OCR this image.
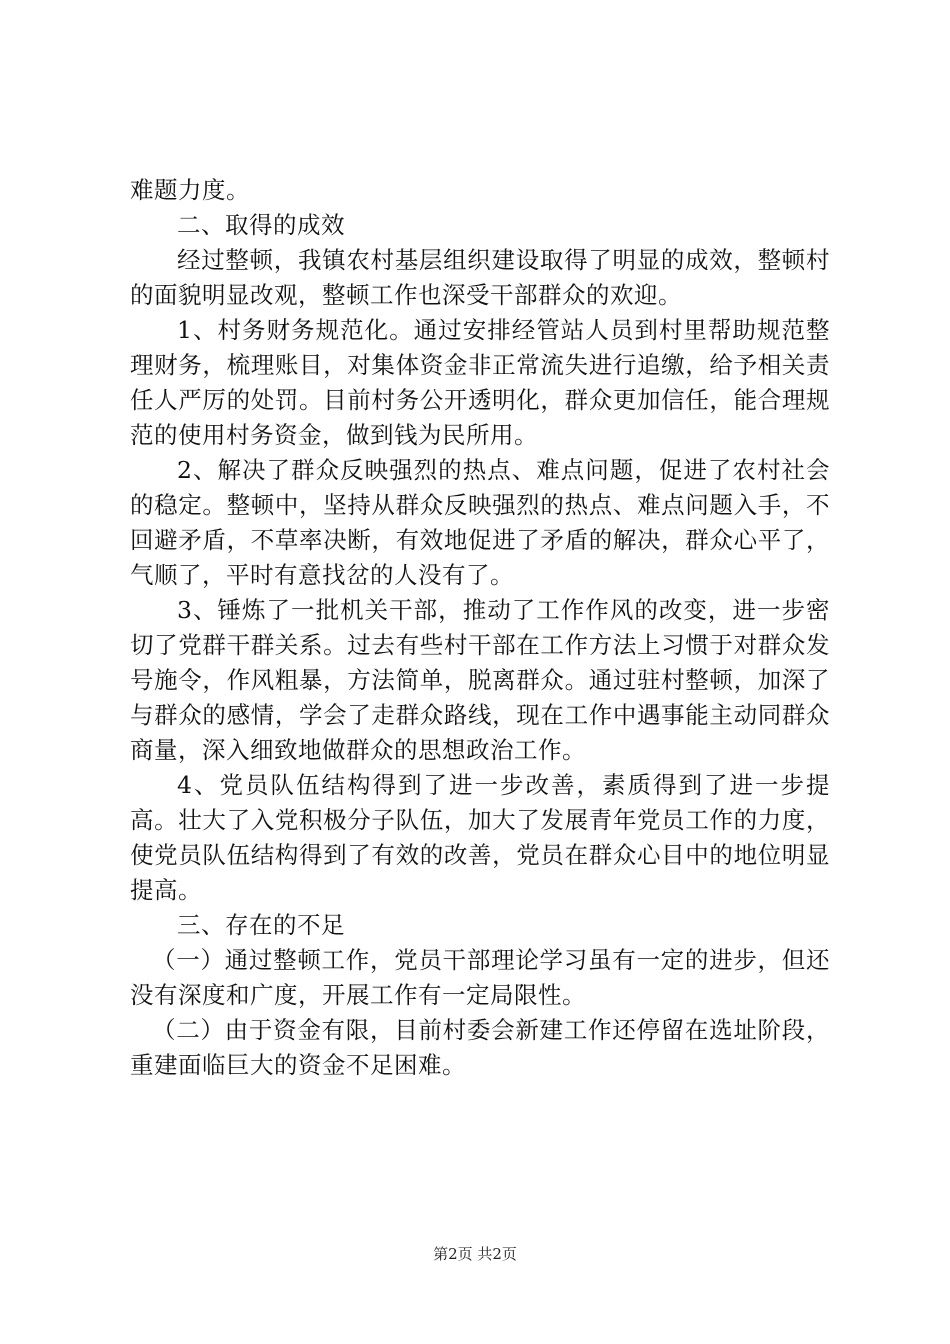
难题力度。

二、取得的成效

经过整顿，我镇农村基层组织建设取得了明显的成效，整顿村的面貌明显改观，整顿工作也深受干部群众的欢迎。

1、村务财务规范化。通过安排经管站人员到村里帮助规范整理财务，梳理账目，对集体资金非正常流失进行追缴，给予相关责任人严厉的处罚。目前村务公开透明化，群众更加信任，能合理规范的使用村务资金，做到钱为民所用。

2、解决了群众反映强烈的热点、难点问题，促进了农村社会的稳定。整顿中，坚持从群众反映强烈的热点、难点问题入手，不回避矛盾，不草率决断，有效地促进了矛盾的解决，群众心平了，气顺了，平时有意找岔的人没有了。

3、锤炼了一批机关干部，推动了工作作风的改变，进一步密切了党群干群关系。过去有些村干部在工作方法上习惯于对群众发号施令，作风粗暴，方法简单，脱离群众。通过驻村整顿，加深了与群众的感情，学会了走群众路线，现在工作中遇事能主动同群众商量，深入细致地做群众的思想政治工作。

4、党员队伍结构得到了进一步改善，素质得到了进一步提高。壮大了入党积极分子队伍，加大了发展青年党员工作的力度，使党员队伍结构得到了有效的改善，党员在群众心目中的地位明显提高。

三、存在的不足

（一）通过整顿工作，党员干部理论学习虽有一定的进步，但还没有深度和广度，开展工作有一定局限性。

（二）由于资金有限，目前村委会新建工作还停留在选址阶段，重建面临巨大的资金不足困难。

第2页 共2页
